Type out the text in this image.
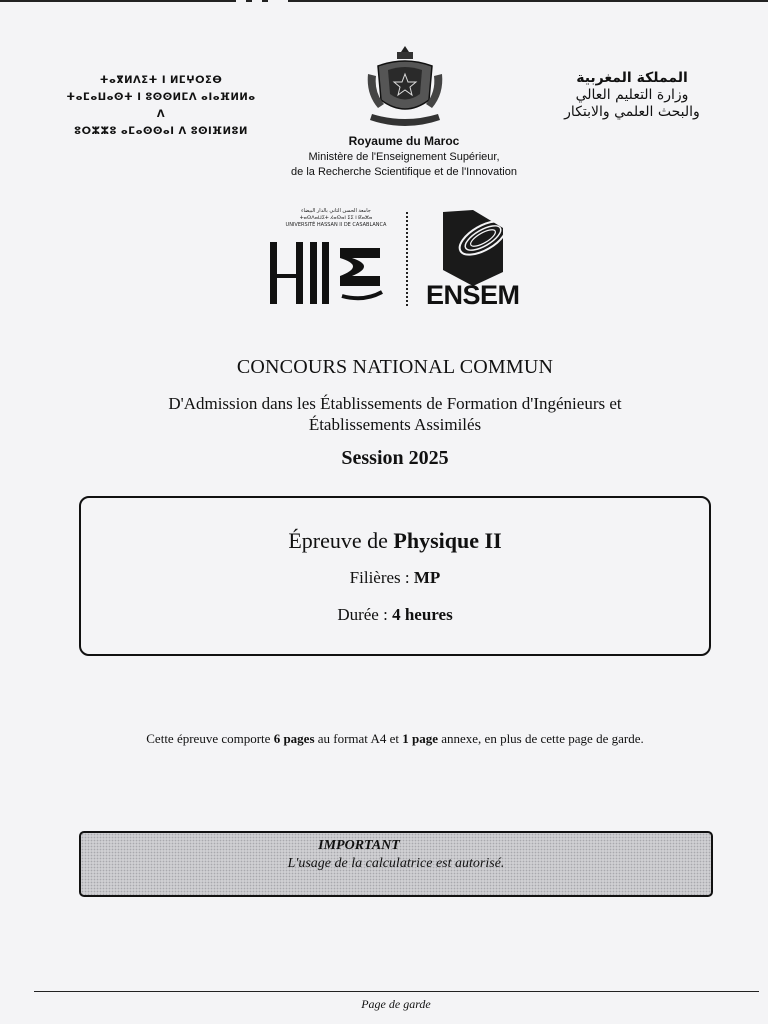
ⵜⴰⴳⵍⴷⵉⵜ ⵏ ⵍⵎⵖⵔⵉⴱ
ⵜⴰⵎⴰⵡⴰⵙⵜ ⵏ ⵓⵙⵙⵍⵎⴷ ⴰⵏⴰⴼⵍⵍⴰ ⴷ
ⵓⵔⵣⵣⵓ ⴰⵎⴰⵙⵙⴰⵏ ⴷ ⵓⵙⵏⴼⵍⵓⵍ
المملكة المغربية
وزارة التعليم العالي
والبحث العلمي والابتكار
Royaume du Maroc
Ministère de l'Enseignement Supérieur,
de la Recherche Scientifique et de l'Innovation
جامعة الحسن الثاني بالدار البيضاء
ⵜⴰⵙⴷⴰⵡⵉⵜ ⵃⴰⵙⴰⵏ ⵉⵉ ⵏ ⴽⴰⵣⴰ
UNIVERSITÉ HASSAN II DE CASABLANCA
ENSEM
CONCOURS NATIONAL COMMUN
D'Admission dans les Établissements de Formation d'Ingénieurs et
Établissements Assimilés
Session 2025
Épreuve de Physique II
Filières : MP
Durée : 4 heures
Cette épreuve comporte 6 pages au format A4 et 1 page annexe, en plus de cette page de garde.
IMPORTANT
L'usage de la calculatrice est autorisé.
Page de garde
